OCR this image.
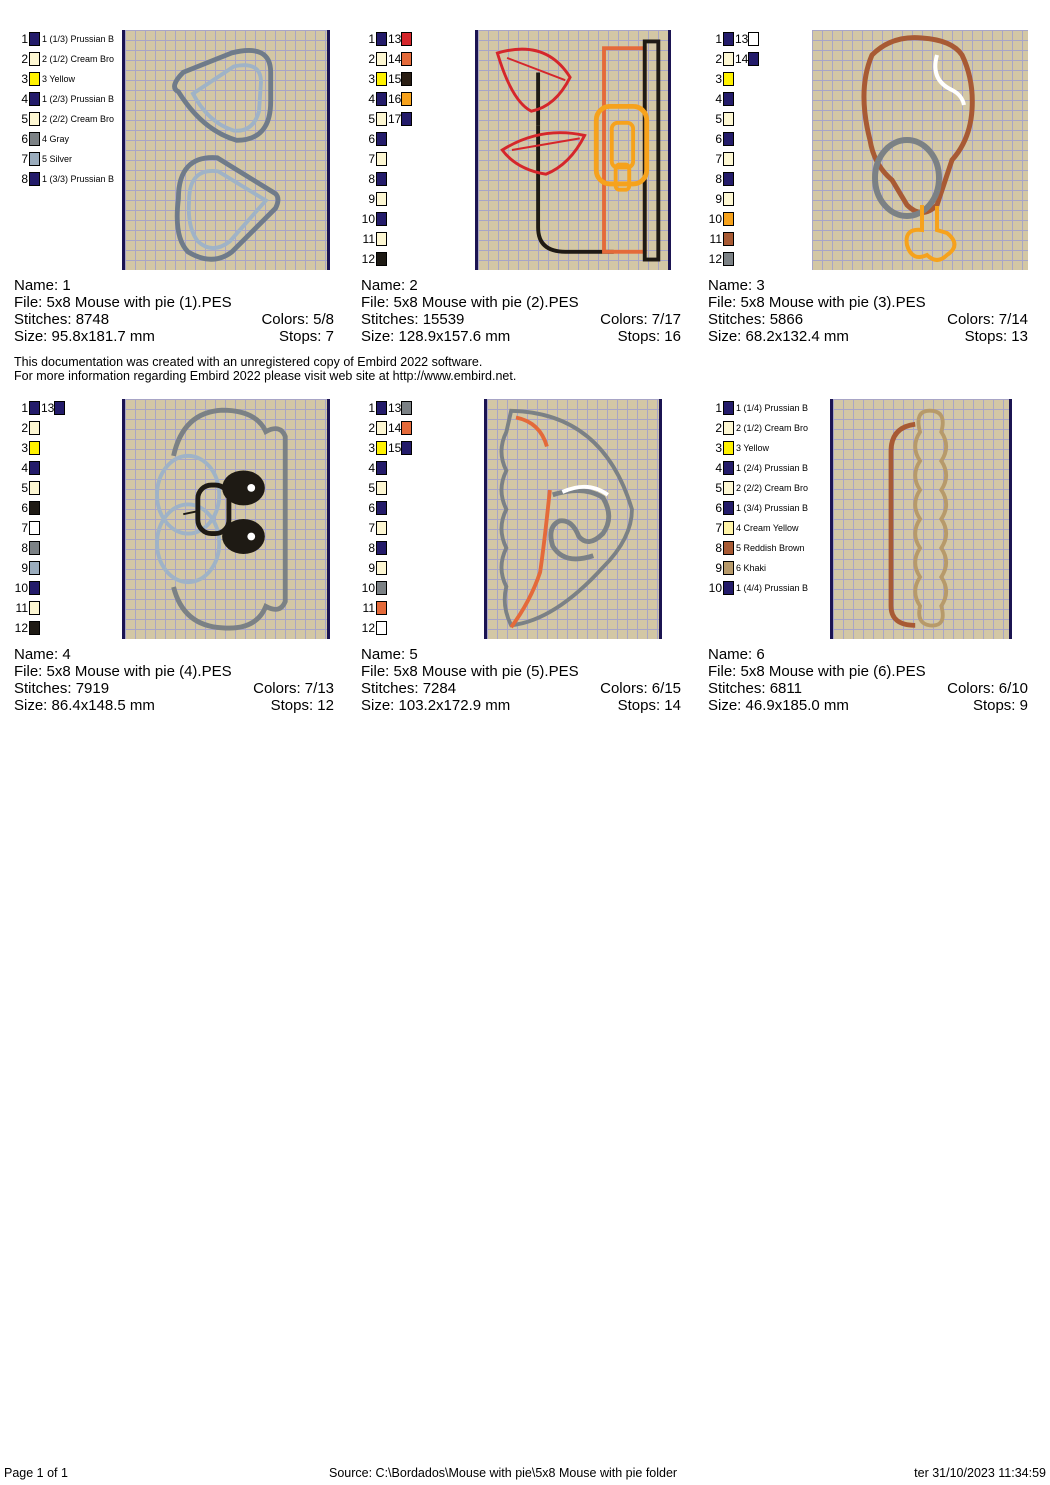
1 1 (1/3) Prussian B
2 2 (1/2) Cream Bro
3 3 Yellow
4 1 (2/3) Prussian B
5 2 (2/2) Cream Bro
6 4 Gray
7 5 Silver
8 1 (3/3) Prussian B
Name: 1
File: 5x8 Mouse with pie (1).PES
Stitches: 8748	Colors: 5/8
Size: 95.8x181.7 mm	Stops: 7
1 13
2 14
3 15
4 16
5 17
6
7
8
9
10
11
12
Name: 2
File: 5x8 Mouse with pie (2).PES
Stitches: 15539	Colors: 7/17
Size: 128.9x157.6 mm	Stops: 16
1 13
2 14
3
4
5
6
7
8
9
10
11
12
Name: 3
File: 5x8 Mouse with pie (3).PES
Stitches: 5866	Colors: 7/14
Size: 68.2x132.4 mm	Stops: 13
This documentation was created with an unregistered copy of Embird 2022 software.
For more information regarding Embird 2022 please visit web site at http://www.embird.net.
1 13
2
3
4
5
6
7
8
9
10
11
12
Name: 4
File: 5x8 Mouse with pie (4).PES
Stitches: 7919	Colors: 7/13
Size: 86.4x148.5 mm	Stops: 12
1 13
2 14
3 15
4
5
6
7
8
9
10
11
12
Name: 5
File: 5x8 Mouse with pie (5).PES
Stitches: 7284	Colors: 6/15
Size: 103.2x172.9 mm	Stops: 14
1 1 (1/4) Prussian B
2 2 (1/2) Cream Bro
3 3 Yellow
4 1 (2/4) Prussian B
5 2 (2/2) Cream Bro
6 1 (3/4) Prussian B
7 4 Cream Yellow
8 5 Reddish Brown
9 6 Khaki
10 1 (4/4) Prussian B
Name: 6
File: 5x8 Mouse with pie (6).PES
Stitches: 6811	Colors: 6/10
Size: 46.9x185.0 mm	Stops: 9
Page 1 of 1	Source: C:\Bordados\Mouse with pie\5x8 Mouse with pie folder	ter 31/10/2023 11:34:59
